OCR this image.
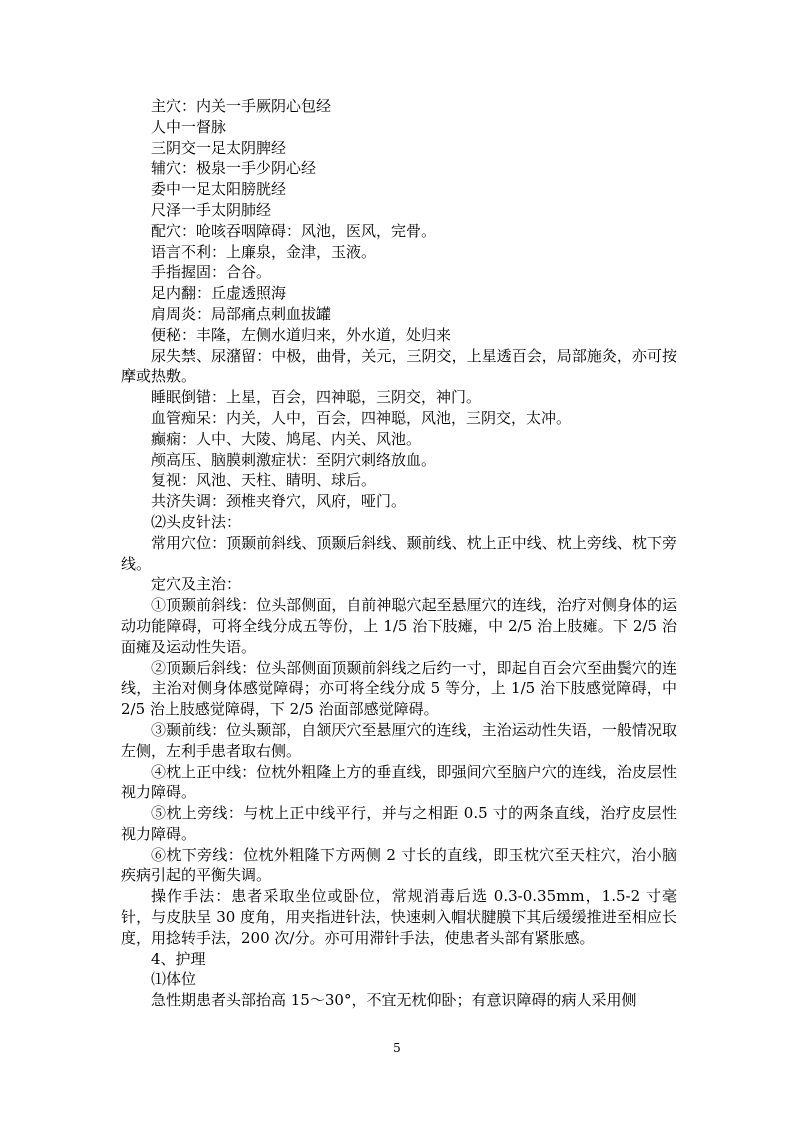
主穴：内关一手厥阴心包经

人中一督脉

三阴交一足太阴脾经

辅穴：极泉一手少阴心经

委中一足太阳膀胱经

尺泽一手太阴肺经

配穴：呛咳吞咽障碍：风池，医风，完骨。

语言不利：上廉泉，金津，玉液。

手指握固：合谷。

足内翻：丘虚透照海

肩周炎：局部痛点刺血拔罐

便秘：丰隆，左侧水道归来，外水道，处归来

尿失禁、尿潴留：中极，曲骨，关元，三阴交，上星透百会，局部施灸，亦可按摩或热敷。

睡眠倒错：上星，百会，四神聪，三阴交，神门。

血管痴呆：内关，人中，百会，四神聪，风池，三阴交，太冲。

癫痫：人中、大陵、鸠尾、内关、风池。

颅高压、脑膜刺激症状：至阴穴刺络放血。

复视：风池、天柱、睛明、球后。

共济失调：颈椎夹脊穴，风府，哑门。

⑵头皮针法：

常用穴位：顶颞前斜线、顶颞后斜线、颞前线、枕上正中线、枕上旁线、枕下旁线。

定穴及主治：

①顶颞前斜线：位头部侧面，自前神聪穴起至悬厘穴的连线，治疗对侧身体的运动功能障碍，可将全线分成五等份，上 1/5 治下肢瘫，中 2/5 治上肢瘫。下 2/5 治面瘫及运动性失语。

②顶颞后斜线：位头部侧面顶颞前斜线之后约一寸，即起自百会穴至曲鬓穴的连线，主治对侧身体感觉障碍；亦可将全线分成 5 等分，上 1/5 治下肢感觉障碍，中 2/5 治上肢感觉障碍，下 2/5 治面部感觉障碍。

③颞前线：位头颞部，自颔厌穴至悬厘穴的连线，主治运动性失语，一般情况取左侧，左利手患者取右侧。

④枕上正中线：位枕外粗隆上方的垂直线，即强间穴至脑户穴的连线，治皮层性视力障碍。

⑤枕上旁线：与枕上正中线平行，并与之相距 0.5 寸的两条直线，治疗皮层性视力障碍。

⑥枕下旁线：位枕外粗隆下方两侧 2 寸长的直线，即玉枕穴至天柱穴，治小脑疾病引起的平衡失调。

操作手法：患者采取坐位或卧位，常规消毒后选 0.3-0.35mm，1.5-2 寸毫针，与皮肤呈 30 度角，用夹指进针法，快速刺入帽状腱膜下其后缓缓推进至相应长度，用捻转手法，200 次/分。亦可用滞针手法，使患者头部有紧胀感。

4、护理

⑴体位

急性期患者头部抬高 15～30°，不宜无枕仰卧；有意识障碍的病人采用侧

5
